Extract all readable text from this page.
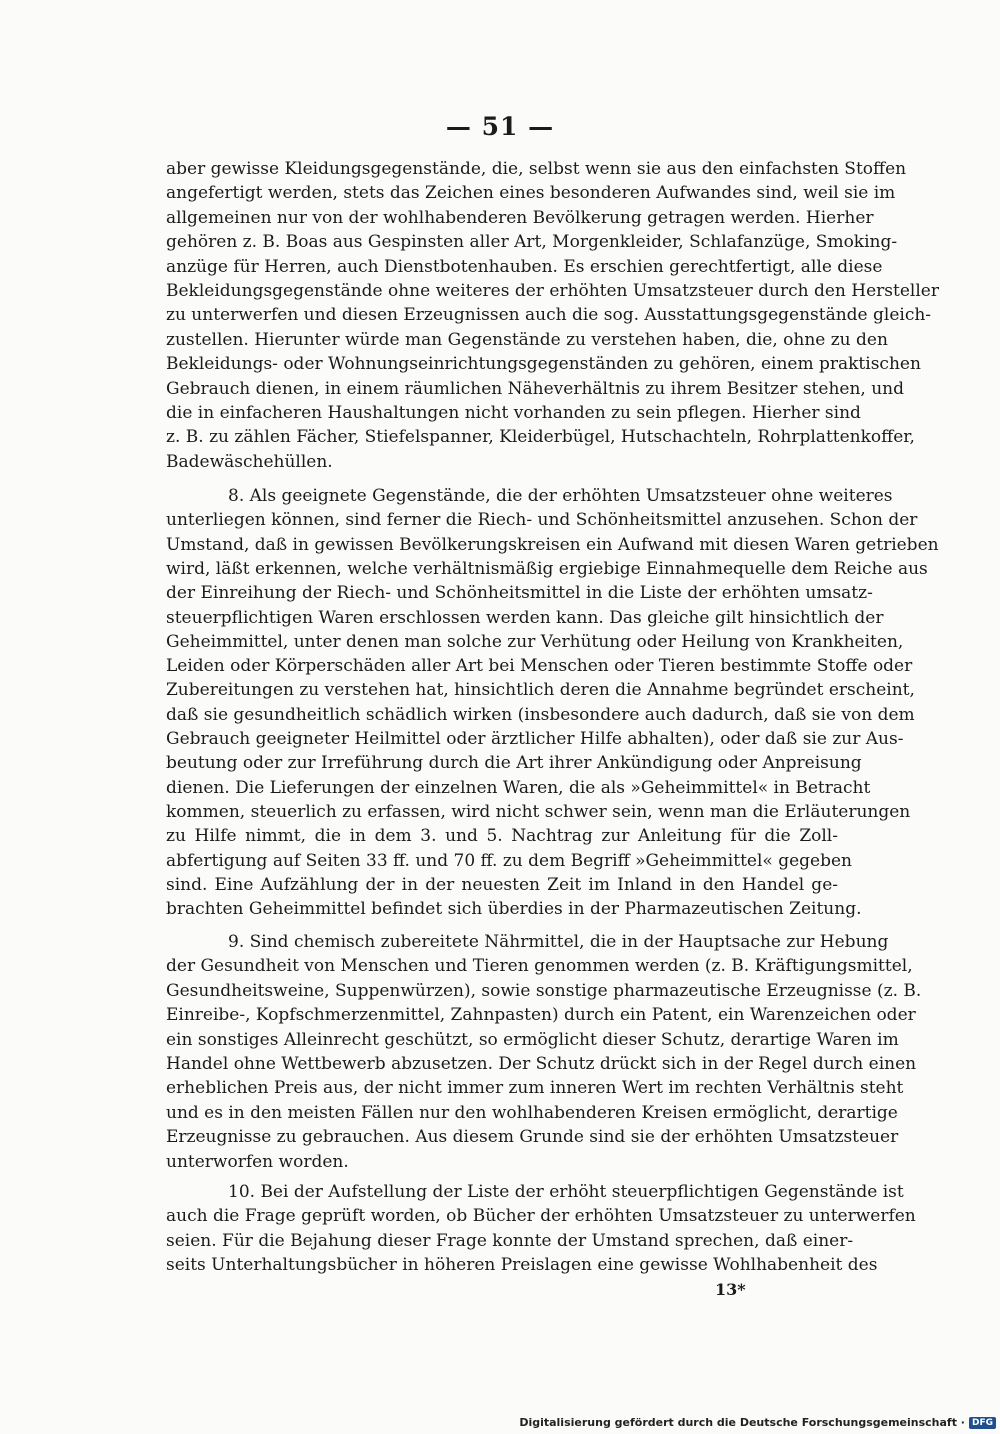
— 51 —
aber gewisse Kleidungsgegenstände, die, selbst wenn sie aus den einfachsten Stoffen
angefertigt werden, stets das Zeichen eines besonderen Aufwandes sind, weil sie im
allgemeinen nur von der wohlhabenderen Bevölkerung getragen werden. Hierher
gehören z. B. Boas aus Gespinsten aller Art, Morgenkleider, Schlafanzüge, Smoking-
anzüge für Herren, auch Dienstbotenhauben. Es erschien gerechtfertigt, alle diese
Bekleidungsgegenstände ohne weiteres der erhöhten Umsatzsteuer durch den Hersteller
zu unterwerfen und diesen Erzeugnissen auch die sog. Ausstattungsgegenstände gleich-
zustellen. Hierunter würde man Gegenstände zu verstehen haben, die, ohne zu den
Bekleidungs- oder Wohnungseinrichtungsgegenständen zu gehören, einem praktischen
Gebrauch dienen, in einem räumlichen Näheverhältnis zu ihrem Besitzer stehen, und
die in einfacheren Haushaltungen nicht vorhanden zu sein pflegen. Hierher sind
z. B. zu zählen Fächer, Stiefelspanner, Kleiderbügel, Hutschachteln, Rohrplattenkoffer,
Badewäschehüllen.
8. Als geeignete Gegenstände, die der erhöhten Umsatzsteuer ohne weiteres
unterliegen können, sind ferner die Riech- und Schönheitsmittel anzusehen. Schon der
Umstand, daß in gewissen Bevölkerungskreisen ein Aufwand mit diesen Waren getrieben
wird, läßt erkennen, welche verhältnismäßig ergiebige Einnahmequelle dem Reiche aus
der Einreihung der Riech- und Schönheitsmittel in die Liste der erhöhten umsatz-
steuerpflichtigen Waren erschlossen werden kann. Das gleiche gilt hinsichtlich der
Geheimmittel, unter denen man solche zur Verhütung oder Heilung von Krankheiten,
Leiden oder Körperschäden aller Art bei Menschen oder Tieren bestimmte Stoffe oder
Zubereitungen zu verstehen hat, hinsichtlich deren die Annahme begründet erscheint,
daß sie gesundheitlich schädlich wirken (insbesondere auch dadurch, daß sie von dem
Gebrauch geeigneter Heilmittel oder ärztlicher Hilfe abhalten), oder daß sie zur Aus-
beutung oder zur Irreführung durch die Art ihrer Ankündigung oder Anpreisung
dienen. Die Lieferungen der einzelnen Waren, die als »Geheimmittel« in Betracht
kommen, steuerlich zu erfassen, wird nicht schwer sein, wenn man die Erläuterungen
zu Hilfe nimmt, die in dem 3. und 5. Nachtrag zur Anleitung für die Zoll-
abfertigung auf Seiten 33 ff. und 70 ff. zu dem Begriff »Geheimmittel« gegeben
sind. Eine Aufzählung der in der neuesten Zeit im Inland in den Handel ge-
brachten Geheimmittel befindet sich überdies in der Pharmazeutischen Zeitung.
9. Sind chemisch zubereitete Nährmittel, die in der Hauptsache zur Hebung
der Gesundheit von Menschen und Tieren genommen werden (z. B. Kräftigungsmittel,
Gesundheitsweine, Suppenwürzen), sowie sonstige pharmazeutische Erzeugnisse (z. B.
Einreibe-, Kopfschmerzenmittel, Zahnpasten) durch ein Patent, ein Warenzeichen oder
ein sonstiges Alleinrecht geschützt, so ermöglicht dieser Schutz, derartige Waren im
Handel ohne Wettbewerb abzusetzen. Der Schutz drückt sich in der Regel durch einen
erheblichen Preis aus, der nicht immer zum inneren Wert im rechten Verhältnis steht
und es in den meisten Fällen nur den wohlhabenderen Kreisen ermöglicht, derartige
Erzeugnisse zu gebrauchen. Aus diesem Grunde sind sie der erhöhten Umsatzsteuer
unterworfen worden.
10. Bei der Aufstellung der Liste der erhöht steuerpflichtigen Gegenstände ist
auch die Frage geprüft worden, ob Bücher der erhöhten Umsatzsteuer zu unterwerfen
seien. Für die Bejahung dieser Frage konnte der Umstand sprechen, daß einer-
seits Unterhaltungsbücher in höheren Preislagen eine gewisse Wohlhabenheit des
13*
Digitalisierung gefördert durch die Deutsche Forschungsgemeinschaft · DFG
